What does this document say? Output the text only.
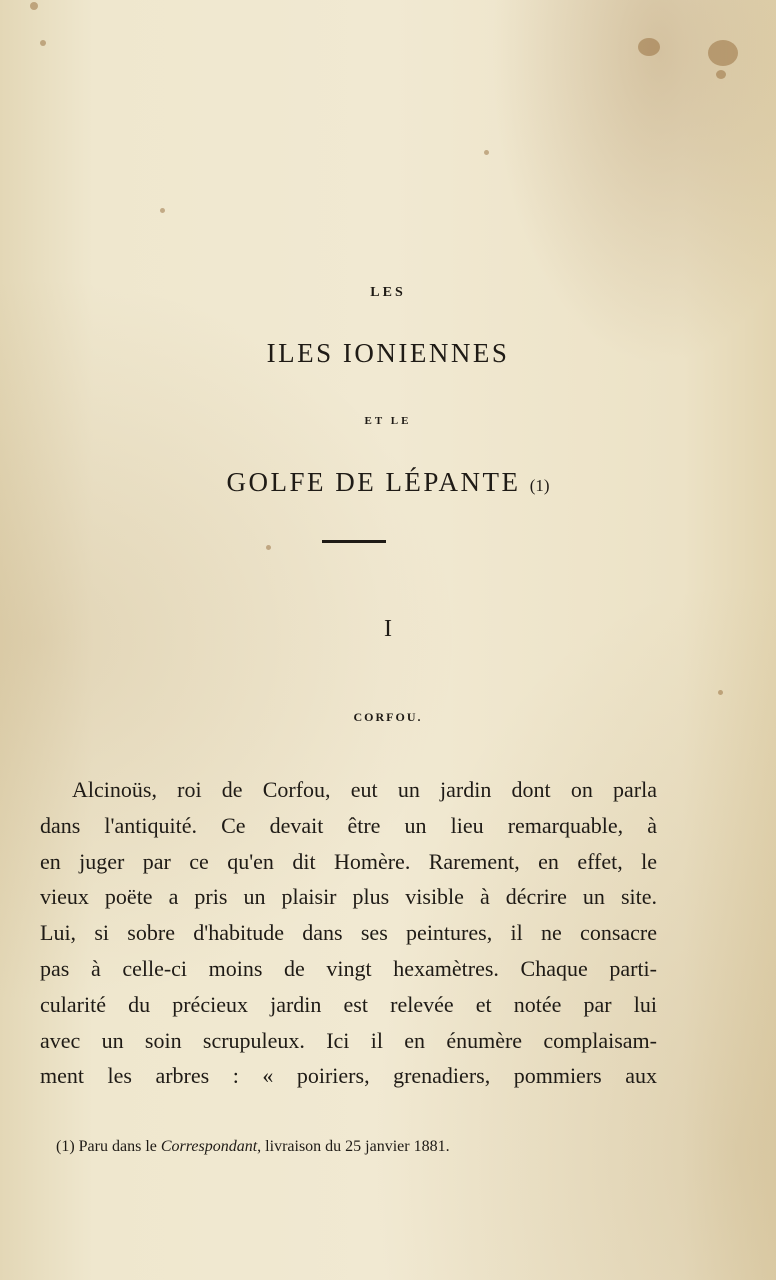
LES
ILES IONIENNES
ET LE
GOLFE DE LÉPANTE (1)
I
CORFOU.
Alcinoüs, roi de Corfou, eut un jardin dont on parla
dans l'antiquité. Ce devait être un lieu remarquable, à
en juger par ce qu'en dit Homère. Rarement, en effet, le
vieux poëte a pris un plaisir plus visible à décrire un site.
Lui, si sobre d'habitude dans ses peintures, il ne consacre
pas à celle-ci moins de vingt hexamètres. Chaque parti-
cularité du précieux jardin est relevée et notée par lui
avec un soin scrupuleux. Ici il en énumère complaisam-
ment les arbres : « poiriers, grenadiers, pommiers aux
(1) Paru dans le Correspondant, livraison du 25 janvier 1881.
